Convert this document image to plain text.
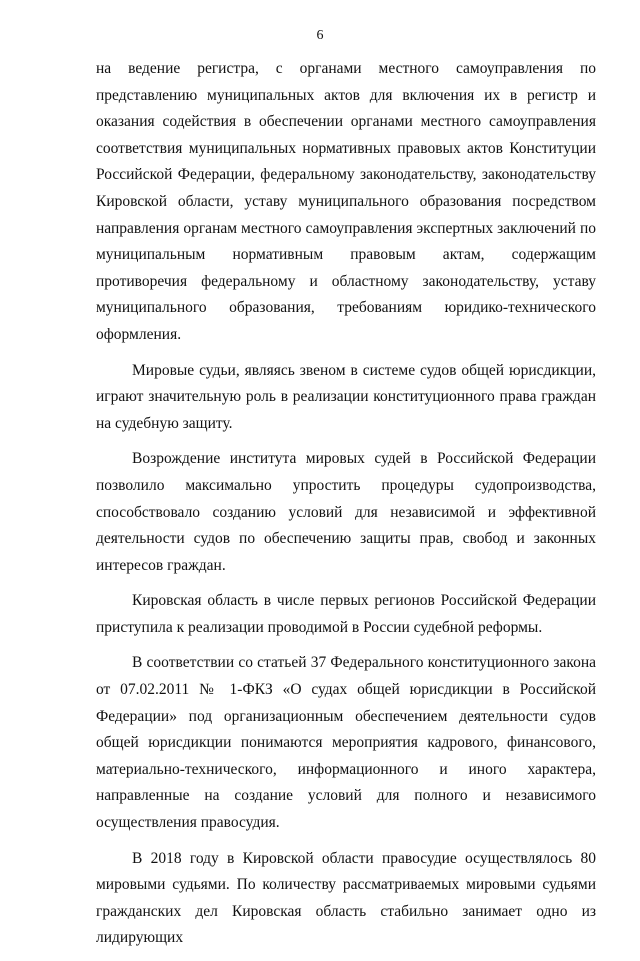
6

на ведение регистра, с органами местного самоуправления по представлению муниципальных актов для включения их в регистр и оказания содействия в обеспечении органами местного самоуправления соответствия муниципальных нормативных правовых актов Конституции Российской Федерации, федеральному законодательству, законодательству Кировской области, уставу муниципального образования посредством направления органам местного самоуправления экспертных заключений по муниципальным нормативным правовым актам, содержащим противоречия федеральному и областному законодательству, уставу муниципального образования, требованиям юридико-технического оформления.

Мировые судьи, являясь звеном в системе судов общей юрисдикции, играют значительную роль в реализации конституционного права граждан на судебную защиту.

Возрождение института мировых судей в Российской Федерации позволило максимально упростить процедуры судопроизводства, способствовало созданию условий для независимой и эффективной деятельности судов по обеспечению защиты прав, свобод и законных интересов граждан.

Кировская область в числе первых регионов Российской Федерации приступила к реализации проводимой в России судебной реформы.

В соответствии со статьей 37 Федерального конституционного закона от 07.02.2011 № 1-ФКЗ «О судах общей юрисдикции в Российской Федерации» под организационным обеспечением деятельности судов общей юрисдикции понимаются мероприятия кадрового, финансового, материально-технического, информационного и иного характера, направленные на создание условий для полного и независимого осуществления правосудия.

В 2018 году в Кировской области правосудие осуществлялось 80 мировыми судьями. По количеству рассматриваемых мировыми судьями гражданских дел Кировская область стабильно занимает одно из лидирующих
